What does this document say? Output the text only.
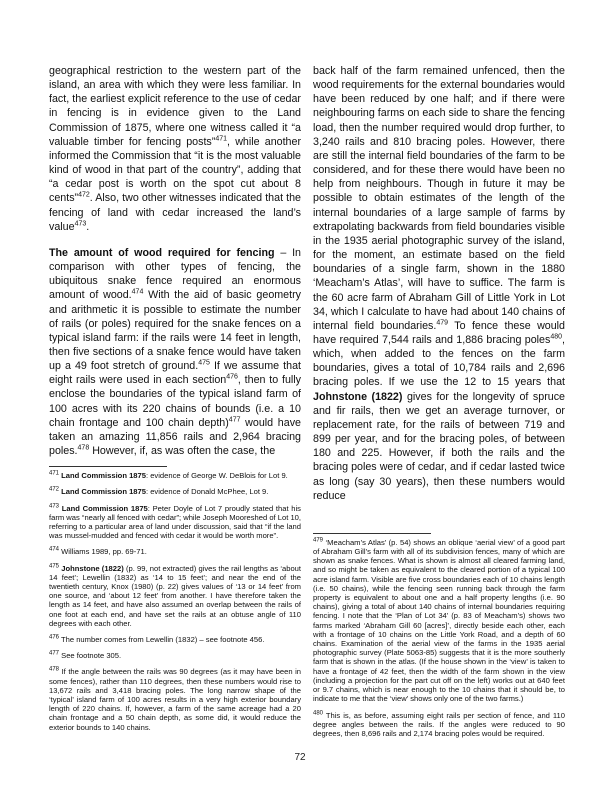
geographical restriction to the western part of the island, an area with which they were less familiar. In fact, the earliest explicit reference to the use of cedar in fencing is in evidence given to the Land Commission of 1875, where one witness called it “a valuable timber for fencing posts”$^{471}$, while another informed the Commission that “it is the most valuable kind of wood in that part of the country”, adding that “a cedar post is worth on the spot cut about 8 cents”$^{472}$. Also, two other witnesses indicated that the fencing of land with cedar increased the land’s value$^{473}$.

The amount of wood required for fencing – In comparison with other types of fencing, the ubiquitous snake fence required an enormous amount of wood.$^{474}$ With the aid of basic geometry and arithmetic it is possible to estimate the number of rails (or poles) required for the snake fences on a typical island farm: if the rails were 14 feet in length, then five sections of a snake fence would have taken up a 49 foot stretch of ground.$^{475}$ If we assume that eight rails were used in each section$^{476}$, then to fully enclose the boundaries of the typical island farm of 100 acres with its 220 chains of bounds (i.e. a 10 chain frontage and 100 chain depth)$^{477}$ would have taken an amazing 11,856 rails and 2,964 bracing poles.$^{478}$ However, if, as was often the case, the

$^{471}$ Land Commission 1875: evidence of George W. DeBlois for Lot 9.

$^{472}$ Land Commission 1875: evidence of Donald McPhee, Lot 9.

$^{473}$ Land Commission 1875: Peter Doyle of Lot 7 proudly stated that his farm was “nearly all fenced with cedar”; while Joseph Mooreshed of Lot 10, referring to a particular area of land under discussion, said that “if the land was mussel-mudded and fenced with cedar it would be worth more”.

$^{474}$ Williams 1989, pp. 69-71.

$^{475}$ Johnstone (1822) (p. 99, not extracted) gives the rail lengths as ‘about 14 feet’; Lewellin (1832) as ‘14 to 15 feet’; and near the end of the twentieth century, Knox (1980) (p. 22) gives values of ‘13 or 14 feet’ from one source, and ‘about 12 feet’ from another. I have therefore taken the length as 14 feet, and have also assumed an overlap between the rails of one foot at each end, and have set the rails at an obtuse angle of 110 degrees with each other.

$^{476}$ The number comes from Lewellin (1832) – see footnote 456.

$^{477}$ See footnote 305.

$^{478}$ If the angle between the rails was 90 degrees (as it may have been in some fences), rather than 110 degrees, then these numbers would rise to 13,672 rails and 3,418 bracing poles. The long narrow shape of the ‘typical’ island farm of 100 acres results in a very high exterior boundary length of 220 chains. If, however, a farm of the same acreage had a 20 chain frontage and a 50 chain depth, as some did, it would reduce the exterior bounds to 140 chains.

back half of the farm remained unfenced, then the wood requirements for the external boundaries would have been reduced by one half; and if there were neighbouring farms on each side to share the fencing load, then the number required would drop further, to 3,240 rails and 810 bracing poles. However, there are still the internal field boundaries of the farm to be considered, and for these there would have been no help from neighbours. Though in future it may be possible to obtain estimates of the length of the internal boundaries of a large sample of farms by extrapolating backwards from field boundaries visible in the 1935 aerial photographic survey of the island, for the moment, an estimate based on the field boundaries of a single farm, shown in the 1880 ‘Meacham’s Atlas’, will have to suffice. The farm is the 60 acre farm of Abraham Gill of Little York in Lot 34, which I calculate to have had about 140 chains of internal field boundaries.$^{479}$ To fence these would have required 7,544 rails and 1,886 bracing poles$^{480}$, which, when added to the fences on the farm boundaries, gives a total of 10,784 rails and 2,696 bracing poles. If we use the 12 to 15 years that Johnstone (1822) gives for the longevity of spruce and fir rails, then we get an average turnover, or replacement rate, for the rails of between 719 and 899 per year, and for the bracing poles, of between 180 and 225. However, if both the rails and the bracing poles were of cedar, and if cedar lasted twice as long (say 30 years), then these numbers would reduce

$^{479}$ ‘Meacham’s Atlas’ (p. 54) shows an oblique ‘aerial view’ of a good part of Abraham Gill’s farm with all of its subdivision fences, many of which are shown as snake fences. What is shown is almost all cleared farming land, and so might be taken as equivalent to the cleared portion of a typical 100 acre island farm. Visible are five cross boundaries each of 10 chains length (i.e. 50 chains), while the fencing seen running back through the farm property is equivalent to about one and a half property lengths (i.e. 90 chains), giving a total of about 140 chains of internal boundaries requiring fencing. I note that the ‘Plan of Lot 34’ (p. 83 of Meacham’s) shows two farms marked ‘Abraham Gill 60 [acres]’, directly beside each other, each with a frontage of 10 chains on the Little York Road, and a depth of 60 chains. Examination of the aerial view of the farms in the 1935 aerial photographic survey (Plate 5063-85) suggests that it is the more southerly farm that is shown in the atlas. (If the house shown in the ‘view’ is taken to have a frontage of 42 feet, then the width of the farm shown in the view (including a projection for the part cut off on the left) works out at 640 feet or 9.7 chains, which is near enough to the 10 chains that it should be, to indicate to me that the ‘view’ shows only one of the two farms.)

$^{480}$ This is, as before, assuming eight rails per section of fence, and 110 degree angles between the rails. If the angles were reduced to 90 degrees, then 8,696 rails and 2,174 bracing poles would be required.

72
